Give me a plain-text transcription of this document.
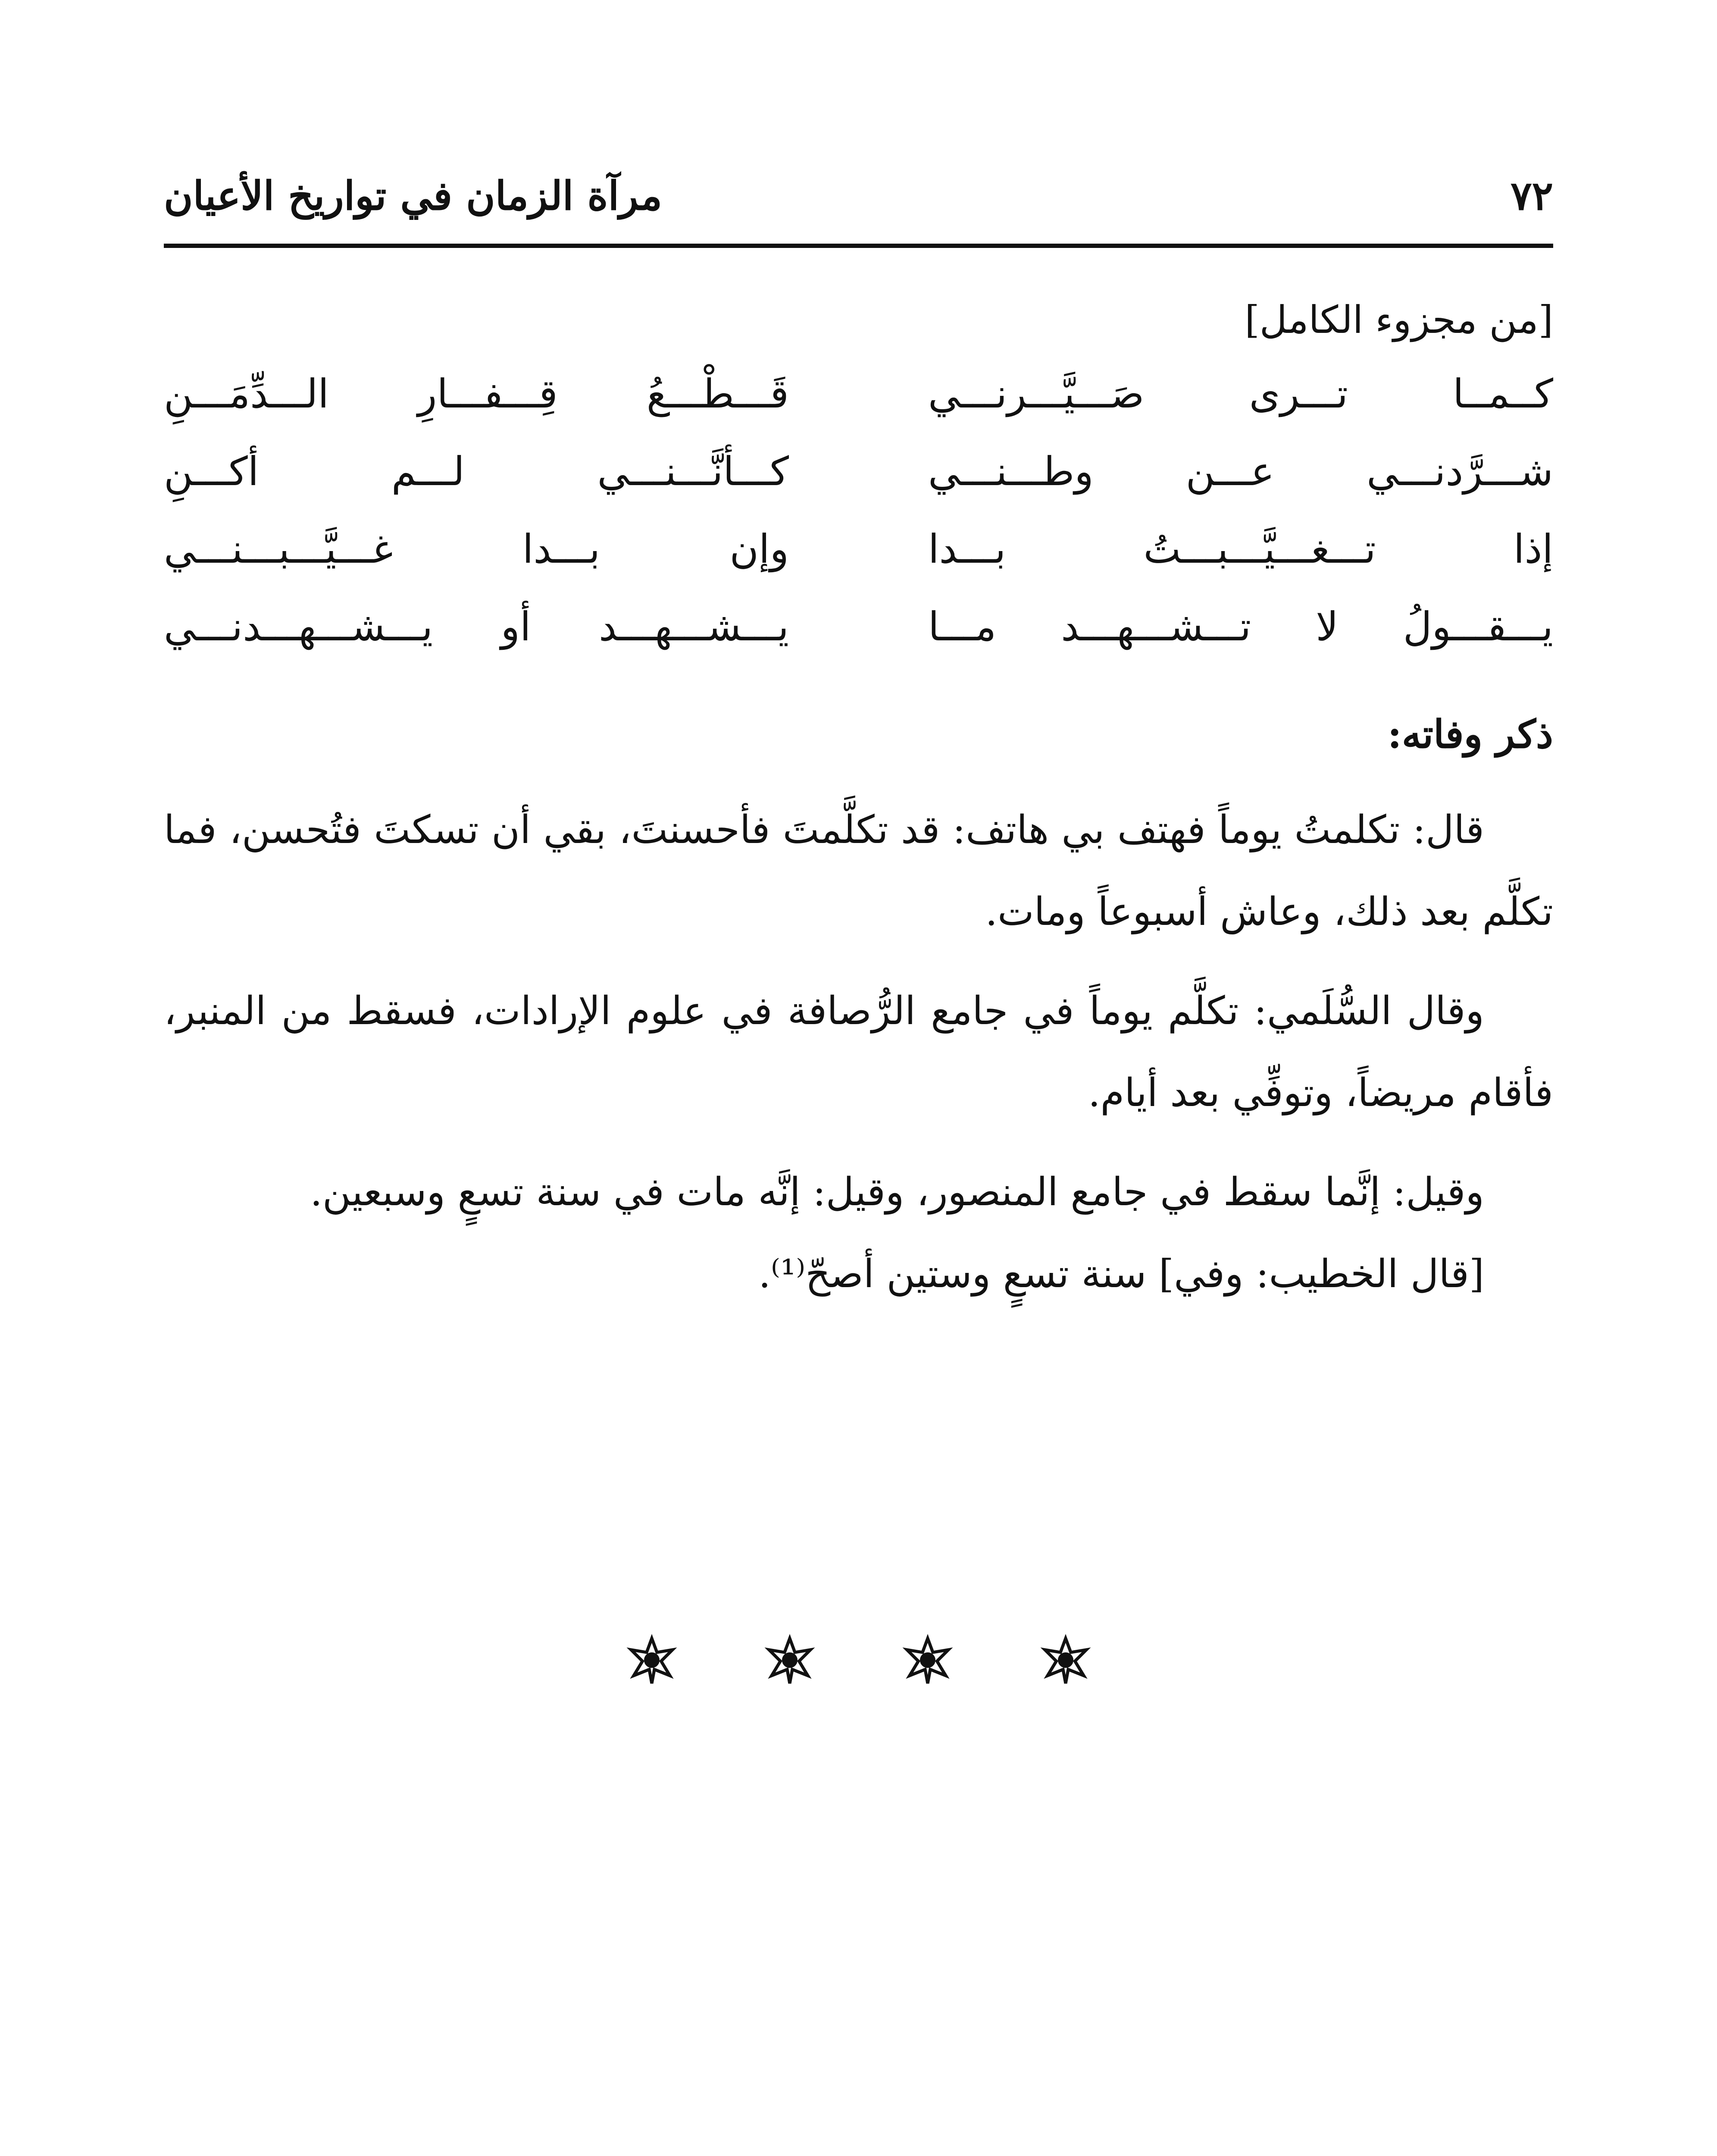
مرآة الزمان في تواريخ الأعيان	٧٢
[من مجزوء الكامل]
كــمــا تـــرى صَـــيَّـــرنـــي
قَـــطْـــعُ قِـــفـــارِ الـــدِّمَـــنِ
شـــرَّدنـــي عـــن وطـــنـــي
كـــأنَّـــنـــي لـــم أكـــنِ
إذا تـــغـــيَّـــبـــتُ بـــدا
وإن بـــدا غـــيَّـــبـــنـــي
يـــقـــولُ لا تـــشـــهـــد مـــا
يـــشـــهـــد أو يـــشـــهـــدنـــي
ذكر وفاته:

قال: تكلمتُ يوماً فهتف بي هاتف: قد تكلَّمتَ فأحسنتَ، بقي أن تسكتَ فتُحسن، فما تكلَّم بعد ذلك، وعاش أسبوعاً ومات.

وقال السُّلَمي: تكلَّم يوماً في جامع الرُّصافة في علوم الإرادات، فسقط من المنبر، فأقام مريضاً، وتوفِّي بعد أيام.

وقيل: إنَّما سقط في جامع المنصور، وقيل: إنَّه مات في سنة تسعٍ وسبعين.

[قال الخطيب: وفي] سنة تسعٍ وستين أصحّ⁽¹⁾.
